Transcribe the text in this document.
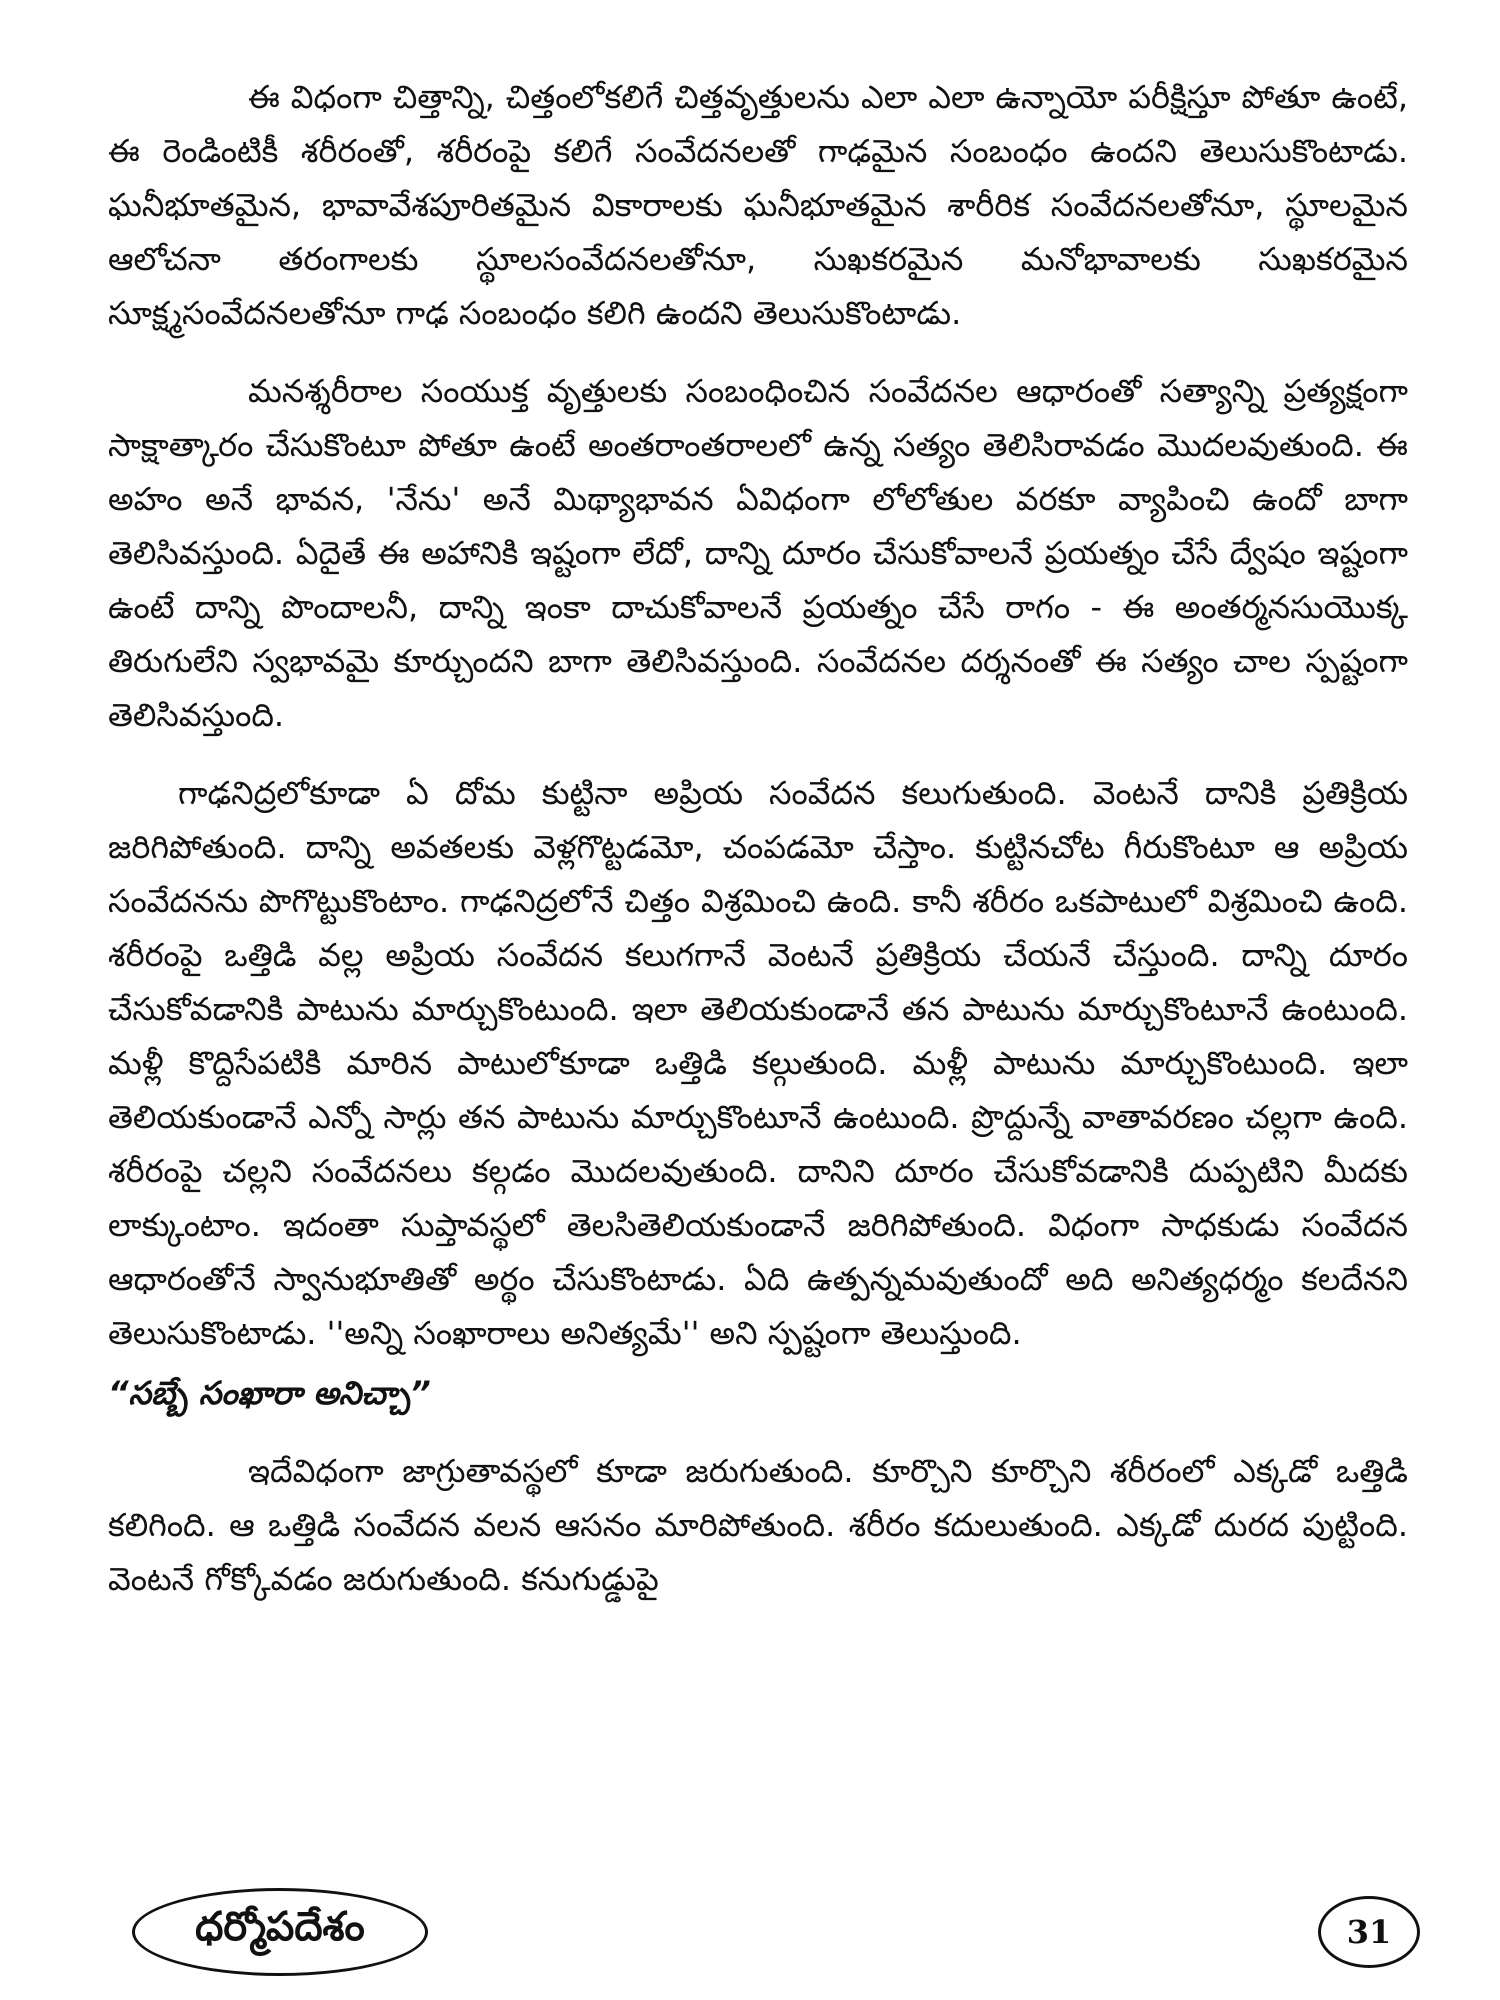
ఈ విధంగా చిత్తాన్ని, చిత్తంలోకలిగే చిత్తవృత్తులను ఎలా ఎలా ఉన్నాయో పరీక్షిస్తూ పోతూ ఉంటే, ఈ రెండింటికీ శరీరంతో, శరీరంపై కలిగే సంవేదనలతో గాఢమైన సంబంధం ఉందని తెలుసుకొంటాడు. ఘనీభూతమైన, భావావేశపూరితమైన వికారాలకు ఘనీభూతమైన శారీరిక సంవేదనలతోనూ, స్థూలమైన ఆలోచనా తరంగాలకు స్థూలసంవేదనలతోనూ, సుఖకరమైన మనోభావాలకు సుఖకరమైన సూక్ష్మసంవేదనలతోనూ గాఢ సంబంధం కలిగి ఉందని తెలుసుకొంటాడు.

మనశ్శరీరాల సంయుక్త వృత్తులకు సంబంధించిన సంవేదనల ఆధారంతో సత్యాన్ని ప్రత్యక్షంగా సాక్షాత్కారం చేసుకొంటూ పోతూ ఉంటే అంతరాంతరాలలో ఉన్న సత్యం తెలిసిరావడం మొదలవుతుంది. ఈ అహం అనే భావన, 'నేను' అనే మిథ్యాభావన ఏవిధంగా లోలోతుల వరకూ వ్యాపించి ఉందో బాగా తెలిసివస్తుంది. ఏదైతే ఈ అహానికి ఇష్టంగా లేదో, దాన్ని దూరం చేసుకోవాలనే ప్రయత్నం చేసే ద్వేషం ఇష్టంగా ఉంటే దాన్ని పొందాలనీ, దాన్ని ఇంకా దాచుకోవాలనే ప్రయత్నం చేసే రాగం - ఈ అంతర్మనసుయొక్క తిరుగులేని స్వభావమై కూర్చుందని బాగా తెలిసివస్తుంది. సంవేదనల దర్శనంతో ఈ సత్యం చాల స్పష్టంగా తెలిసివస్తుంది.

గాఢనిద్రలోకూడా ఏ దోమ కుట్టినా అప్రియ సంవేదన కలుగుతుంది. వెంటనే దానికి ప్రతిక్రియ జరిగిపోతుంది. దాన్ని అవతలకు వెళ్లగొట్టడమో, చంపడమో చేస్తాం. కుట్టినచోట గీరుకొంటూ ఆ అప్రియ సంవేదనను పొగొట్టుకొంటాం. గాఢనిద్రలోనే చిత్తం విశ్రమించి ఉంది. కానీ శరీరం ఒకపాటులో విశ్రమించి ఉంది. శరీరంపై ఒత్తిడి వల్ల అప్రియ సంవేదన కలుగగానే వెంటనే ప్రతిక్రియ చేయనే చేస్తుంది. దాన్ని దూరం చేసుకోవడానికి పాటును మార్చుకొంటుంది. ఇలా తెలియకుండానే తన పాటును మార్చుకొంటూనే ఉంటుంది. మళ్లీ కొద్దిసేపటికి మారిన పాటులోకూడా ఒత్తిడి కల్గుతుంది. మళ్లీ పాటును మార్చుకొంటుంది. ఇలా తెలియకుండానే ఎన్నో సార్లు తన పాటును మార్చుకొంటూనే ఉంటుంది. ప్రొద్దున్నే వాతావరణం చల్లగా ఉంది. శరీరంపై చల్లని సంవేదనలు కల్గడం మొదలవుతుంది. దానిని దూరం చేసుకోవడానికి దుప్పటిని మీదకు లాక్కుంటాం. ఇదంతా సుప్తావస్థలో తెలసితెలియకుండానే జరిగిపోతుంది. విధంగా సాధకుడు సంవేదన ఆధారంతోనే స్వానుభూతితో అర్థం చేసుకొంటాడు. ఏది ఉత్పన్నమవుతుందో అది అనిత్యధర్మం కలదేనని తెలుసుకొంటాడు. ''అన్ని సంఖారాలు అనిత్యమే'' అని స్పష్టంగా తెలుస్తుంది.

“సబ్బే సంఖారా అనిచ్చా”

ఇదేవిధంగా జాగ్రుతావస్థలో కూడా జరుగుతుంది. కూర్చొని కూర్చొని శరీరంలో ఎక్కడో ఒత్తిడి కలిగింది. ఆ ఒత్తిడి సంవేదన వలన ఆసనం మారిపోతుంది. శరీరం కదులుతుంది. ఎక్కడో దురద పుట్టింది. వెంటనే గోక్కోవడం జరుగుతుంది. కనుగుడ్డుపై

ధర్మోపదేశం	31
